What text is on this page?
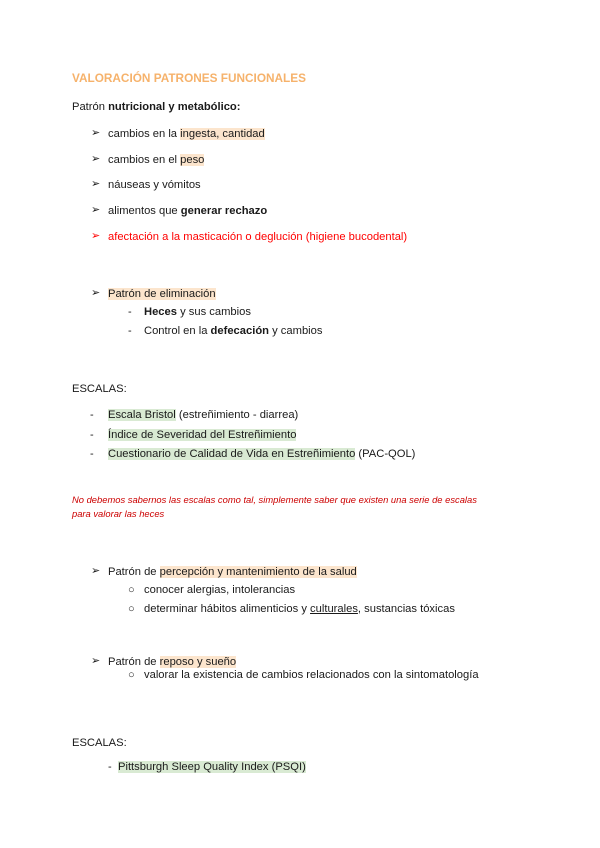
VALORACIÓN PATRONES FUNCIONALES
Patrón nutricional y metabólico:
➢ cambios en la ingesta, cantidad
➢ cambios en el peso
➢ náuseas y vómitos
➢ alimentos que generar rechazo
➢ afectación a la masticación o deglución (higiene bucodental)
➢ Patrón de eliminación
- Heces y sus cambios
- Control en la defecación y cambios
ESCALAS:
- Escala Bristol (estreñimiento - diarrea)
- Índice de Severidad del Estreñimiento
- Cuestionario de Calidad de Vida en Estreñimiento (PAC-QOL)
No debemos sabernos las escalas como tal, simplemente saber que existen una serie de escalas
para valorar las heces
➢ Patrón de percepción y mantenimiento de la salud
○ conocer alergias, intolerancias
○ determinar hábitos alimenticios y culturales, sustancias tóxicas
➢ Patrón de reposo y sueño
○ valorar la existencia de cambios relacionados con la sintomatología
ESCALAS:
- Pittsburgh Sleep Quality Index (PSQI)
